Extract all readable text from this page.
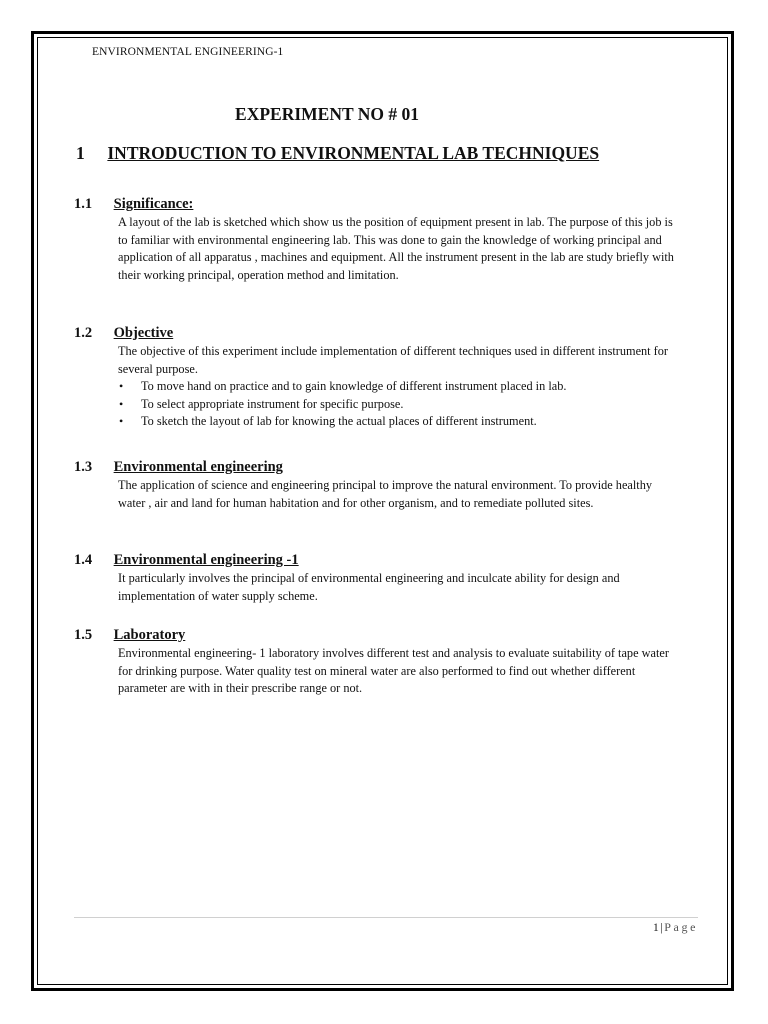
ENVIRONMENTAL ENGINEERING-1
EXPERIMENT NO # 01
1 INTRODUCTION TO ENVIRONMENTAL LAB TECHNIQUES
1.1 Significance:

A layout of the lab is sketched which show us the position of equipment present in lab. The purpose of this job is to familiar with environmental engineering lab. This was done to gain the knowledge of working principal and application of all apparatus , machines and equipment. All the instrument present in the lab are study briefly with their working principal, operation method and limitation.

1.2 Objective

The objective of this experiment include implementation of different techniques used in different instrument for several purpose.

• To move hand on practice and to gain knowledge of different instrument placed in lab.
• To select appropriate instrument for specific purpose.
• To sketch the layout of lab for knowing the actual places of different instrument.
1.3 Environmental engineering

The application of science and engineering principal to improve the natural environment. To provide healthy water , air and land for human habitation and for other organism, and to remediate polluted sites.

1.4 Environmental engineering -1

It particularly involves the principal of environmental engineering and inculcate ability for design and implementation of water supply scheme.

1.5 Laboratory

Environmental engineering- 1 laboratory involves different test and analysis to evaluate suitability of tape water for drinking purpose. Water quality test on mineral water are also performed to find out whether different parameter are with in their prescribe range or not.

1|Page
